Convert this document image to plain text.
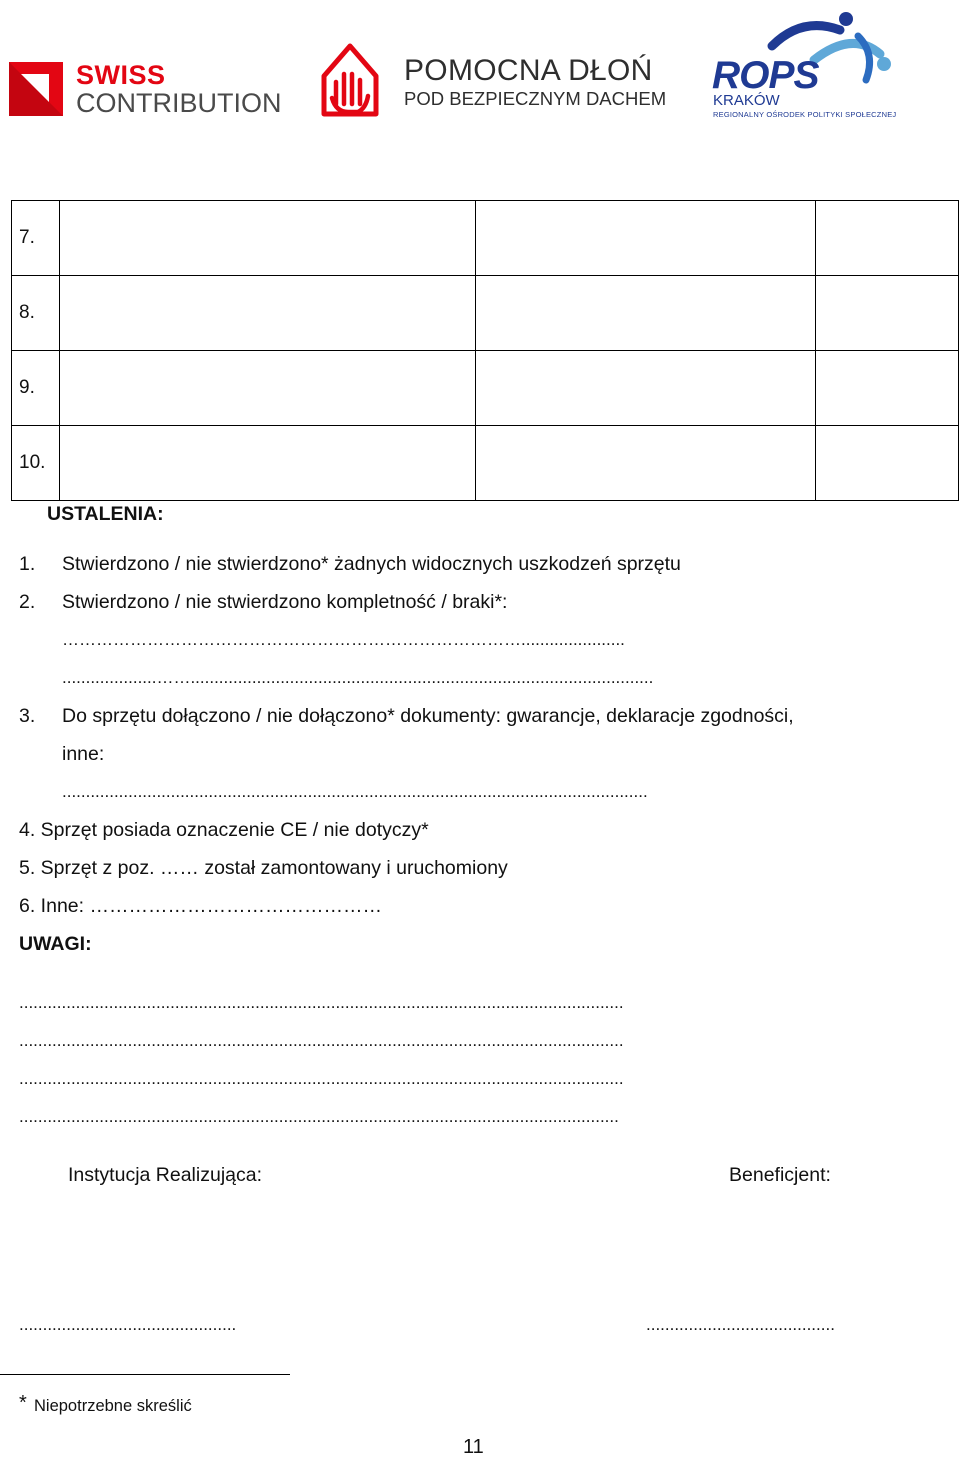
SWISS
CONTRIBUTION
POMOCNA DŁOŃ
POD BEZPIECZNYM DACHEM
ROPS
KRAKÓW
REGIONALNY OŚRODEK POLITYKI SPOŁECZNEJ
7.			
8.			
9.			
10.			
USTALENIA:
1. Stwierdzono / nie stwierdzono* żadnych widocznych uszkodzeń sprzętu
2. Stwierdzono / nie stwierdzono kompletność / braki*:
………………………………………………………………………......................
....................……..................................................................................................
3. Do sprzętu dołączono / nie dołączono* dokumenty: gwarancje, deklaracje zgodności,
inne:
............................................................................................................................
4. Sprzęt posiada oznaczenie CE / nie dotyczy*
5. Sprzęt z poz. …… został zamontowany i uruchomiony
6. Inne: ………………………………………
UWAGI:
................................................................................................................................
................................................................................................................................
................................................................................................................................
...............................................................................................................................
Instytucja Realizująca:	Beneficjent:
..............................................	........................................
* Niepotrzebne skreślić
11
